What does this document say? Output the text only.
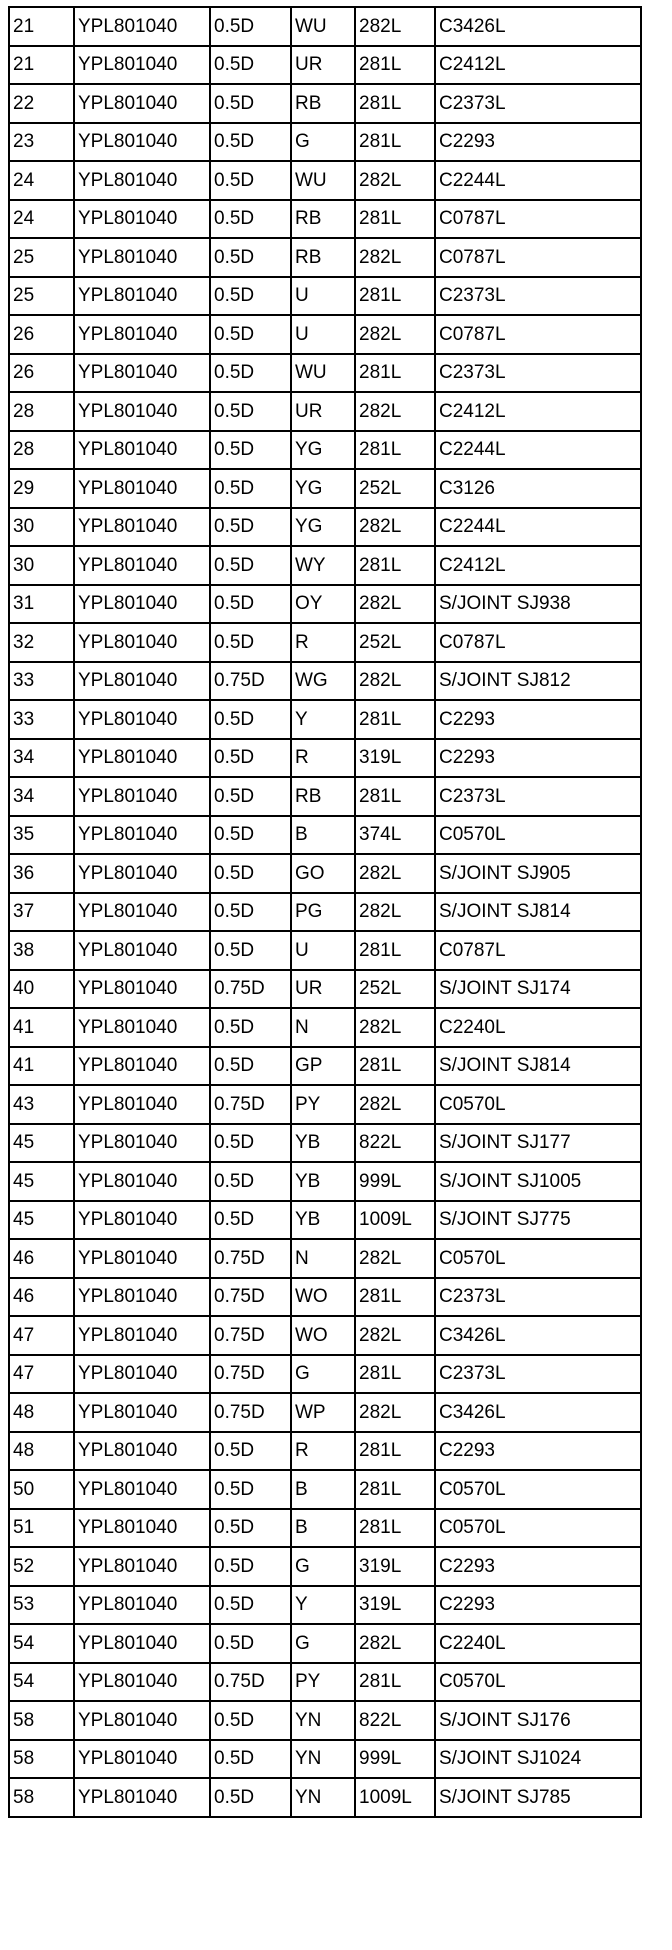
21	YPL801040	0.5D	WU	282L	C3426L
21	YPL801040	0.5D	UR	281L	C2412L
22	YPL801040	0.5D	RB	281L	C2373L
23	YPL801040	0.5D	G	281L	C2293
24	YPL801040	0.5D	WU	282L	C2244L
24	YPL801040	0.5D	RB	281L	C0787L
25	YPL801040	0.5D	RB	282L	C0787L
25	YPL801040	0.5D	U	281L	C2373L
26	YPL801040	0.5D	U	282L	C0787L
26	YPL801040	0.5D	WU	281L	C2373L
28	YPL801040	0.5D	UR	282L	C2412L
28	YPL801040	0.5D	YG	281L	C2244L
29	YPL801040	0.5D	YG	252L	C3126
30	YPL801040	0.5D	YG	282L	C2244L
30	YPL801040	0.5D	WY	281L	C2412L
31	YPL801040	0.5D	OY	282L	S/JOINT SJ938
32	YPL801040	0.5D	R	252L	C0787L
33	YPL801040	0.75D	WG	282L	S/JOINT SJ812
33	YPL801040	0.5D	Y	281L	C2293
34	YPL801040	0.5D	R	319L	C2293
34	YPL801040	0.5D	RB	281L	C2373L
35	YPL801040	0.5D	B	374L	C0570L
36	YPL801040	0.5D	GO	282L	S/JOINT SJ905
37	YPL801040	0.5D	PG	282L	S/JOINT SJ814
38	YPL801040	0.5D	U	281L	C0787L
40	YPL801040	0.75D	UR	252L	S/JOINT SJ174
41	YPL801040	0.5D	N	282L	C2240L
41	YPL801040	0.5D	GP	281L	S/JOINT SJ814
43	YPL801040	0.75D	PY	282L	C0570L
45	YPL801040	0.5D	YB	822L	S/JOINT SJ177
45	YPL801040	0.5D	YB	999L	S/JOINT SJ1005
45	YPL801040	0.5D	YB	1009L	S/JOINT SJ775
46	YPL801040	0.75D	N	282L	C0570L
46	YPL801040	0.75D	WO	281L	C2373L
47	YPL801040	0.75D	WO	282L	C3426L
47	YPL801040	0.75D	G	281L	C2373L
48	YPL801040	0.75D	WP	282L	C3426L
48	YPL801040	0.5D	R	281L	C2293
50	YPL801040	0.5D	B	281L	C0570L
51	YPL801040	0.5D	B	281L	C0570L
52	YPL801040	0.5D	G	319L	C2293
53	YPL801040	0.5D	Y	319L	C2293
54	YPL801040	0.5D	G	282L	C2240L
54	YPL801040	0.75D	PY	281L	C0570L
58	YPL801040	0.5D	YN	822L	S/JOINT SJ176
58	YPL801040	0.5D	YN	999L	S/JOINT SJ1024
58	YPL801040	0.5D	YN	1009L	S/JOINT SJ785
